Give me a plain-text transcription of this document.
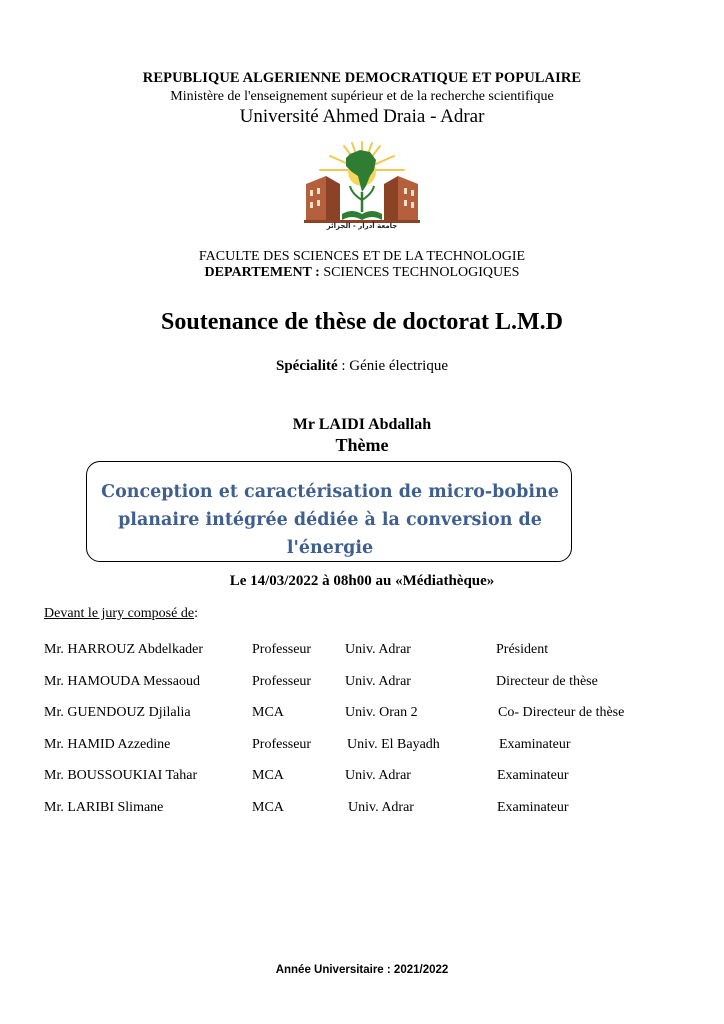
REPUBLIQUE ALGERIENNE DEMOCRATIQUE ET POPULAIRE
Ministère de l'enseignement supérieur et de la recherche scientifique
Université Ahmed Draia - Adrar
جامعة أدرار - الجزائر
FACULTE DES SCIENCES ET DE LA TECHNOLOGIE
DEPARTEMENT : SCIENCES TECHNOLOGIQUES
Soutenance de thèse de doctorat L.M.D
Spécialité : Génie électrique
Mr LAIDI Abdallah
Thème
Conception et caractérisation de micro-bobine
planaire intégrée dédiée à la conversion de
l'énergie
Le 14/03/2022 à 08h00 au «Médiathèque»
Devant le jury composé de:
Mr. HARROUZ Abdelkader	Professeur Univ. Adrar	Président
Mr. HAMOUDA Messaoud	Professeur Univ. Adrar	Directeur de thèse
Mr. GUENDOUZ Djilalia	MCA	Univ. Oran 2	Co- Directeur de thèse
Mr. HAMID Azzedine	Professeur	Univ. El Bayadh	Examinateur
Mr. BOUSSOUKIAI Tahar	MCA	Univ. Adrar	Examinateur
Mr. LARIBI Slimane	MCA	Univ. Adrar	Examinateur
Année Universitaire : 2021/2022
